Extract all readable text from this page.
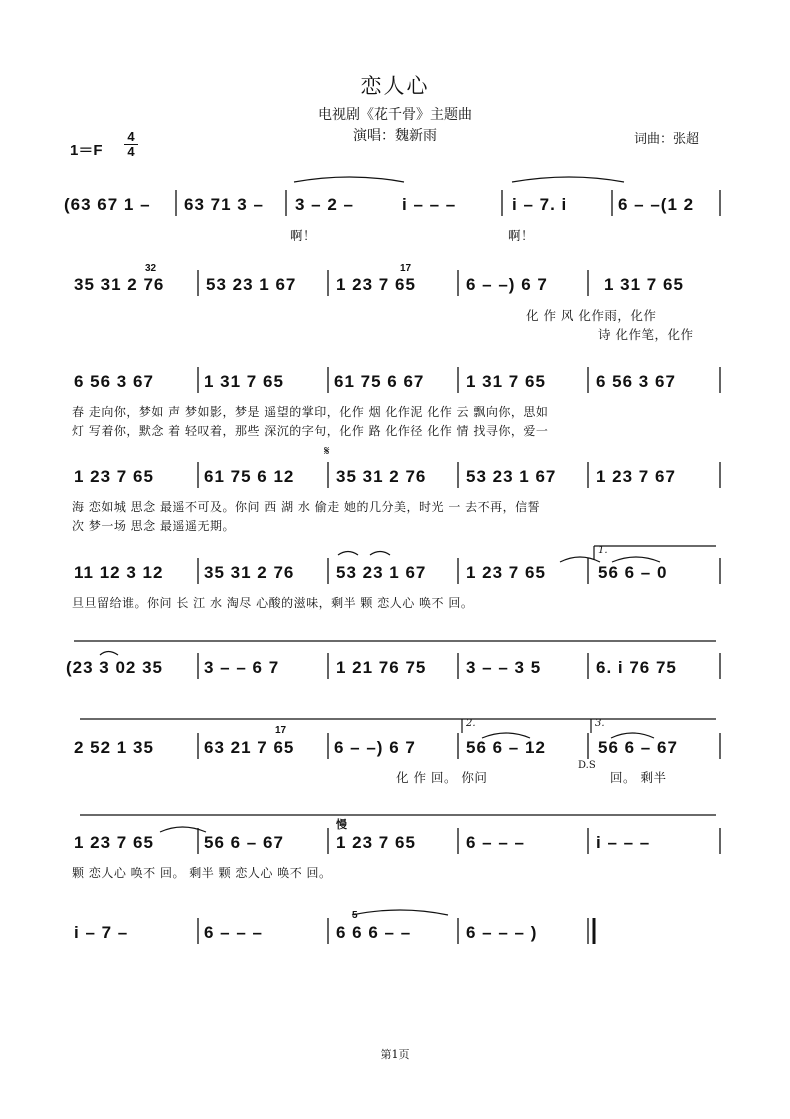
恋人心
电视剧《花千骨》主题曲
演唱：魏新雨	词曲：张超
1＝F
4
4
(63 67 1 – 63 71 3 – 3 – 2 –	i – – –	i – 7. i	6 – –(1 2
啊！	啊！
32	17
35 31 2 76 53 23 1 67 1 23 7 65	6 – –) 6 7	1 31 7 65
化 作 风 化作雨，化作
诗 化作笔，化作
6 56 3 67	1 31 7 65	61 75 6 67 1 31 7 65	6 56 3 67
春 走向你，梦如 声 梦如影，梦是 遥望的掌印，化作 烟 化作泥 化作 云 飘向你，思如
灯 写着你，默念 着 轻叹着，那些 深沉的字句，化作 路 化作径 化作 情 找寻你，爱一
𝄋
1 23 7 65	61 75 6 12 35 31 2 76 53 23 1 67 1 23 7 67
海 恋如城 思念 最遥不可及。你问 西 湖 水 偷走 她的几分美，时光 一 去不再，信誓
次 梦一场 思念 最遥遥无期。
1.
11 12 3 12 35 31 2 76 53 23 1 67 1 23 7 65	56 6 – 0
旦旦留给谁。你问 长 江 水 淘尽 心酸的滋味，剩半 颗 恋人心 唤不 回。
(23 3 02 35 3 – – 6 7	1 21 76 75 3 – – 3 5	6. i 76 75
17
2.	3.
2 52 1 35	63 21 7 65 6 – –) 6 7	56 6 – 12	56 6 – 67
D.S
化 作 回。 你问	回。 剩半
慢
1 23 7 65	56 6 – 67	1 23 7 65	6 – – –	i – – –
颗 恋人心 唤不 回。 剩半 颗 恋人心 唤不 回。
5
i – 7 –	6 – – –	6 6 6 – –	6 – – – )
第1页
